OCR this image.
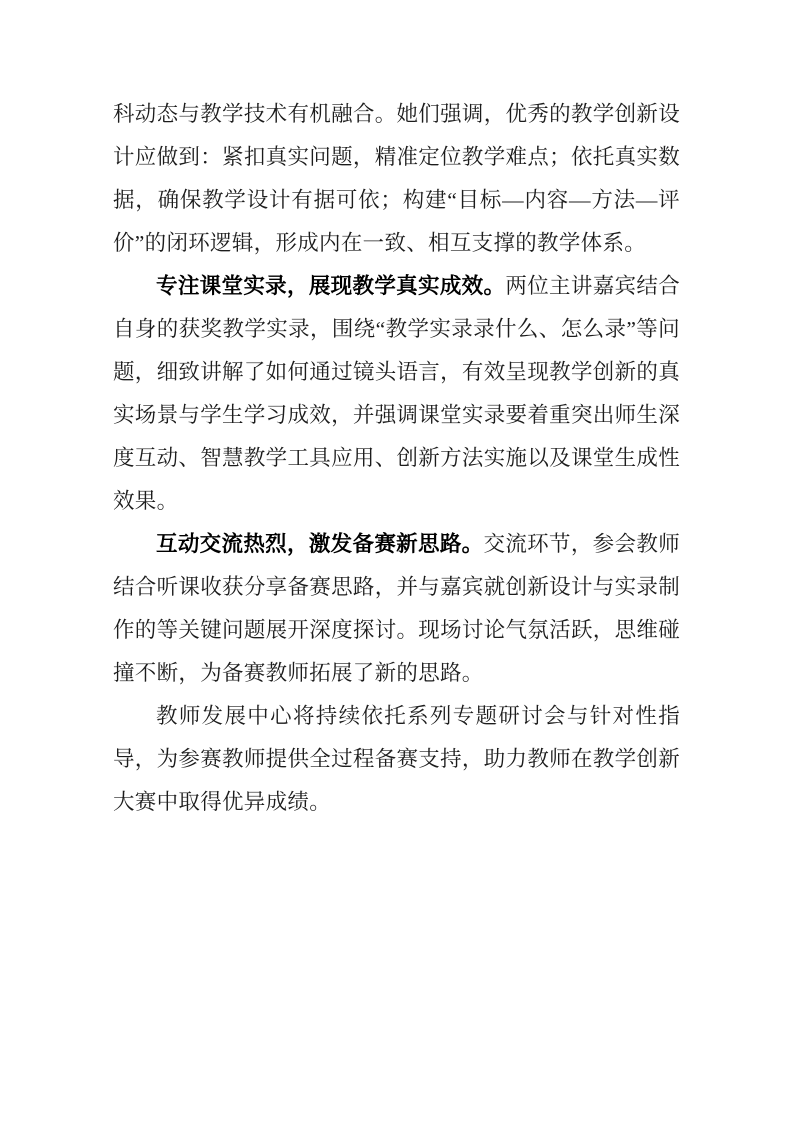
科动态与教学技术有机融合。她们强调，优秀的教学创新设计应做到：紧扣真实问题，精准定位教学难点；依托真实数据，确保教学设计有据可依；构建“目标—内容—方法—评价”的闭环逻辑，形成内在一致、相互支撑的教学体系。

专注课堂实录，展现教学真实成效。两位主讲嘉宾结合自身的获奖教学实录，围绕“教学实录录什么、怎么录”等问题，细致讲解了如何通过镜头语言，有效呈现教学创新的真实场景与学生学习成效，并强调课堂实录要着重突出师生深度互动、智慧教学工具应用、创新方法实施以及课堂生成性效果。

互动交流热烈，激发备赛新思路。交流环节，参会教师结合听课收获分享备赛思路，并与嘉宾就创新设计与实录制作的等关键问题展开深度探讨。现场讨论气氛活跃，思维碰撞不断，为备赛教师拓展了新的思路。

教师发展中心将持续依托系列专题研讨会与针对性指导，为参赛教师提供全过程备赛支持，助力教师在教学创新大赛中取得优异成绩。
